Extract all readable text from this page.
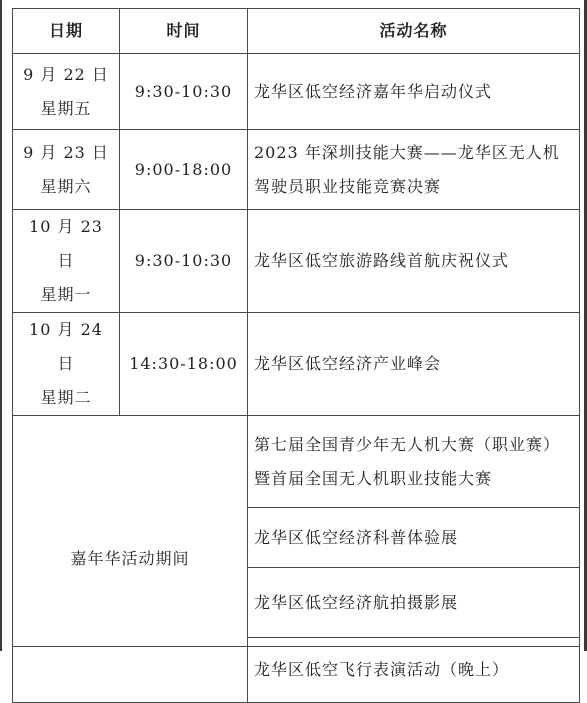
日期	时间	活动名称

9 月 22 日
星期五	9:30-10:30	龙华区低空经济嘉年华启动仪式

9 月 23 日
星期六	9:00-18:00	2023 年深圳技能大赛——龙华区无人机驾驶员职业技能竞赛决赛

10 月 23 日
星期一	9:30-10:30	龙华区低空旅游路线首航庆祝仪式

10 月 24 日
星期二	14:30-18:00	龙华区低空经济产业峰会
嘉年华活动期间		第七届全国青少年无人机大赛（职业赛）暨首届全国无人机职业技能大赛
		龙华区低空经济科普体验展
		龙华区低空经济航拍摄影展
		龙华区低空飞行表演活动（晚上）
